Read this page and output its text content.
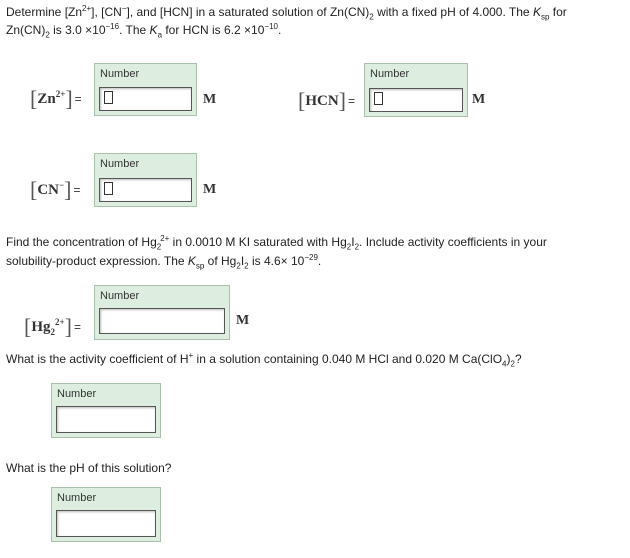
Determine $[Zn^{2+}]$, [CN−], and [HCN] in a saturated solution of $Zn(CN)_2$ with a fixed pH of 4.000. The $K_{sp}$ for
$Zn(CN)_2$ is $3.0 \times 10^{-16}$. The $K_a$ for HCN is $6.2 \times 10^{-10}$.
$[Zn^{2+}]$ =
Number
M	[HCN] =
Number
M
[CN−] =
Number
M
Find the concentration of $Hg_2^{2+}$ in 0.0010 M KI saturated with $Hg_2I_2$. Include activity coefficients in your
solubility-product expression. The $K_{sp}$ of $Hg_2I_2$ is $4.6\times 10^{-29}$.
$[Hg_2^{2+}]$ =
Number
M
What is the activity coefficient of H+ in a solution containing 0.040 M HCl and 0.020 M $Ca(ClO_4)_2$?
Number
What is the pH of this solution?
Number
